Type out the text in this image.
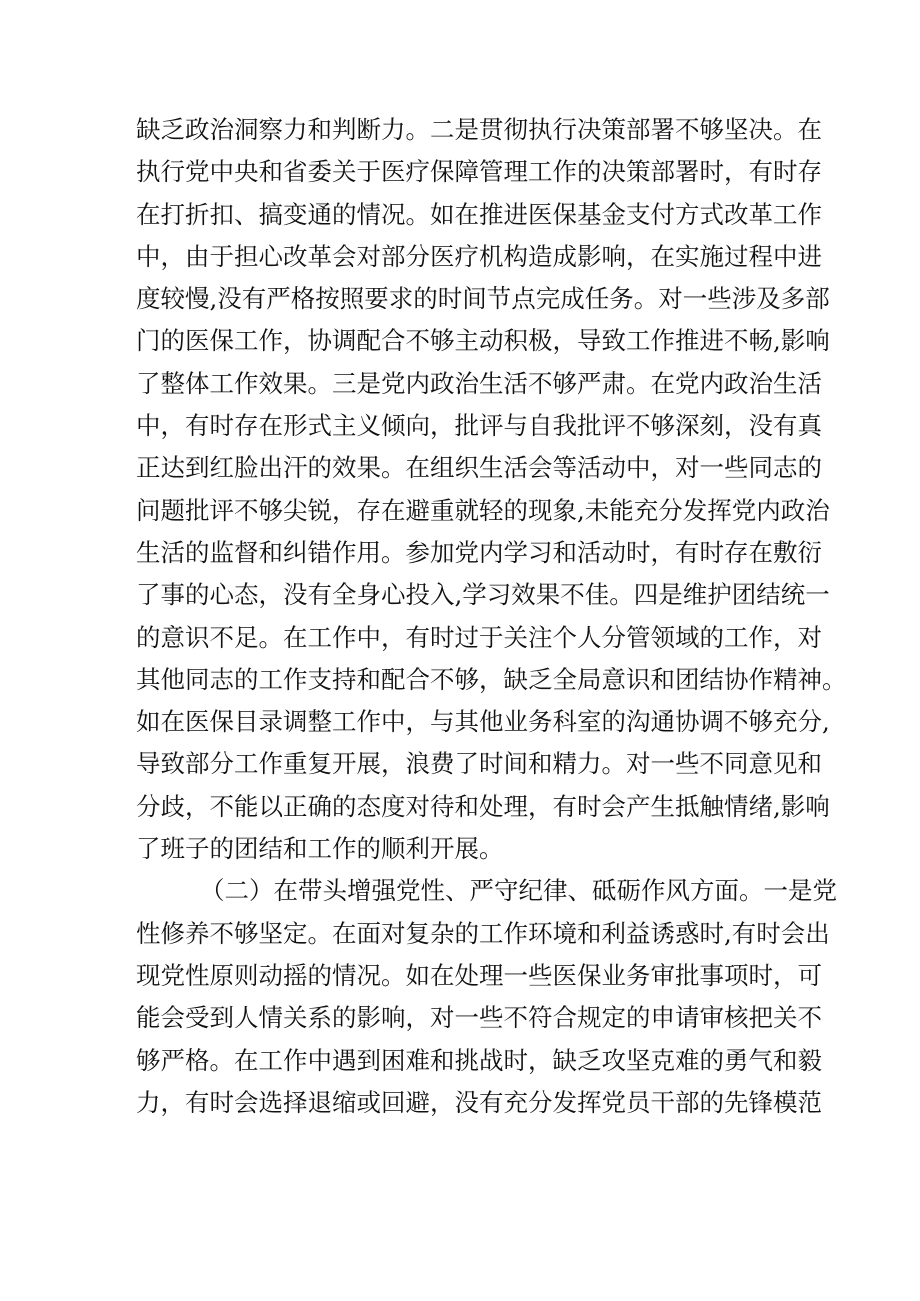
缺乏政治洞察力和判断力。二是贯彻执行决策部署不够坚决。在
执行党中央和省委关于医疗保障管理工作的决策部署时，有时存
在打折扣、搞变通的情况。如在推进医保基金支付方式改革工作
中，由于担心改革会对部分医疗机构造成影响，在实施过程中进
度较慢,没有严格按照要求的时间节点完成任务。对一些涉及多部
门的医保工作，协调配合不够主动积极，导致工作推进不畅,影响
了整体工作效果。三是党内政治生活不够严肃。在党内政治生活
中，有时存在形式主义倾向，批评与自我批评不够深刻，没有真
正达到红脸出汗的效果。在组织生活会等活动中，对一些同志的
问题批评不够尖锐，存在避重就轻的现象,未能充分发挥党内政治
生活的监督和纠错作用。参加党内学习和活动时，有时存在敷衍
了事的心态，没有全身心投入,学习效果不佳。四是维护团结统一
的意识不足。在工作中，有时过于关注个人分管领域的工作，对
其他同志的工作支持和配合不够，缺乏全局意识和团结协作精神。
如在医保目录调整工作中，与其他业务科室的沟通协调不够充分,
导致部分工作重复开展，浪费了时间和精力。对一些不同意见和
分歧，不能以正确的态度对待和处理，有时会产生抵触情绪,影响
了班子的团结和工作的顺利开展。
（二）在带头增强党性、严守纪律、砥砺作风方面。一是党
性修养不够坚定。在面对复杂的工作环境和利益诱惑时,有时会出
现党性原则动摇的情况。如在处理一些医保业务审批事项时，可
能会受到人情关系的影响，对一些不符合规定的申请审核把关不
够严格。在工作中遇到困难和挑战时，缺乏攻坚克难的勇气和毅
力，有时会选择退缩或回避，没有充分发挥党员干部的先锋模范
